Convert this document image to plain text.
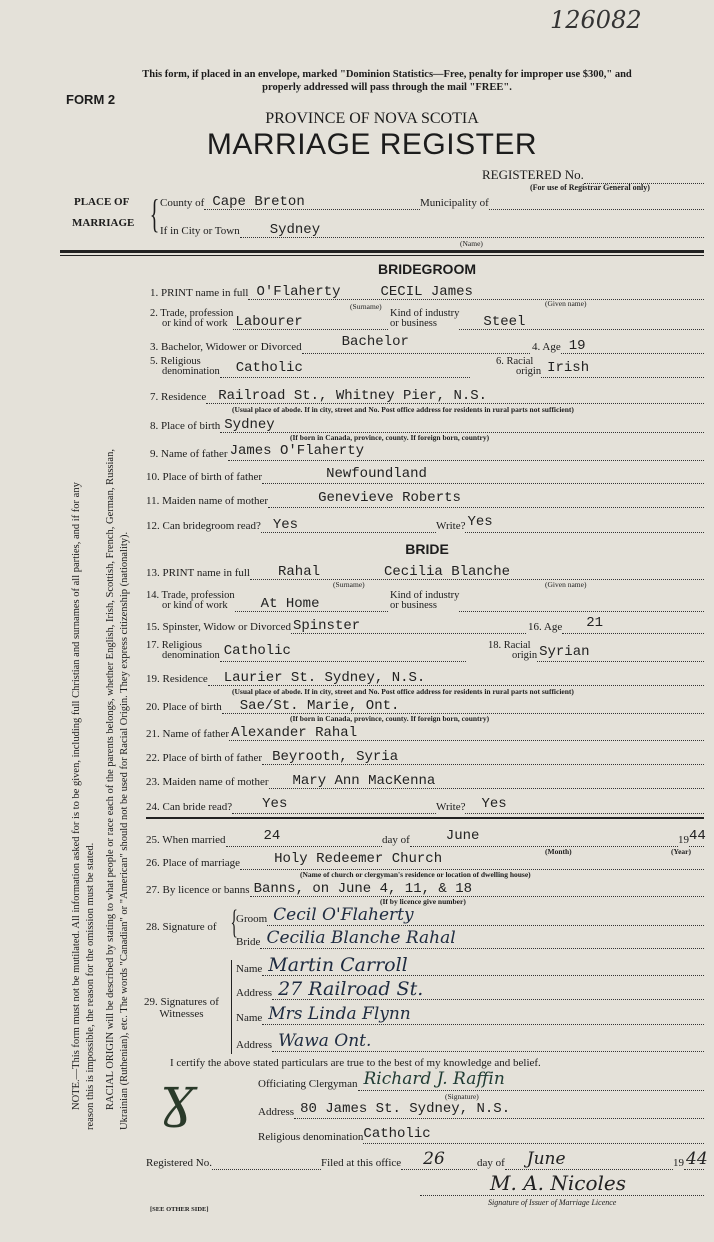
126082
This form, if placed in an envelope, marked "Dominion Statistics—Free, penalty for improper use $300," and
properly addressed will pass through the mail "FREE".
FORM 2
PROVINCE OF NOVA SCOTIA
MARRIAGE REGISTER
REGISTERED No.
(For use of Registrar General only)
PLACE OF
MARRIAGE { County of Cape Breton	Municipality of
If in City or Town Sydney
(Name)
NOTE.—This form must not be mutilated. All information asked for is to be given, including full Christian and surnames of all parties, and if for any reason this is impossible, the reason for the omission must be stated. RACIAL ORIGIN will be described by stating to what people or race each of the parents belongs, whether English, Irish, Scottish, French, German, Russian, Ukrainian (Ruthenian), etc. The words "Canadian" or "American" should not be used for Racial Origin. They express citizenship (nationality).
BRIDEGROOM
1. PRINT name in full O'Flaherty	CECIL James
(Surname)	(Given name)
2. Trade, profession
or kind of work Labourer
Kind of industry
or business	Steel
3. Bachelor, Widower or Divorced	Bachelor	4. Age 19
5. Religious
denomination Catholic	6. Racial
origin Irish
7. Residence Railroad St., Whitney Pier, N.S.
(Usual place of abode. If in city, street and No. Post office address for residents in rural parts not sufficient)
8. Place of birth Sydney
(If born in Canada, province, county. If foreign born, country)
9. Name of father James O'Flaherty
10. Place of birth of father	Newfoundland
11. Maiden name of mother	Genevieve Roberts
12. Can bridegroom read? Yes	Write? Yes
BRIDE
13. PRINT name in full Rahal	Cecilia Blanche
(Surname)	(Given name)
14. Trade, profession
or kind of work	At Home
Kind of industry
or business
15. Spinster, Widow or Divorced Spinster	16. Age 21
17. Religious
denomination Catholic	18. Racial
origin Syrian
19. Residence Laurier St. Sydney, N.S.
(Usual place of abode. If in city, street and No. Post office address for residents in rural parts not sufficient)
20. Place of birth Sae/St. Marie, Ont.
(If born in Canada, province, county. If foreign born, country)
21. Name of father Alexander Rahal
22. Place of birth of father Beyrooth, Syria
23. Maiden name of mother Mary Ann MacKenna
24. Can bride read? Yes	Write? Yes
25. When married	24	day of	June	19 44
(Month)	(Year)
26. Place of marriage Holy Redeemer Church
(Name of church or clergyman's residence or location of dwelling house)
27. By licence or banns Banns, on June 4, 11, & 18
(If by licence give number)
28. Signature of {
Groom Cecil O'Flaherty
Bride Cecilia Blanche Rahal
29. Signatures of
Witnesses
Name Martin Carroll
Address 27 Railroad St.
Name Mrs Linda Flynn
Address Wawa Ont.
I certify the above stated particulars are true to the best of my knowledge and belief.
Ɣ	Officiating Clergyman Richard J. Raffin
(Signature)
Address 80 James St. Sydney, N.S.
Religious denomination Catholic
Registered No.	Filed at this office 26	day of June	19 44
M. A. Nicoles
Signature of Issuer of Marriage Licence
[SEE OTHER SIDE]
